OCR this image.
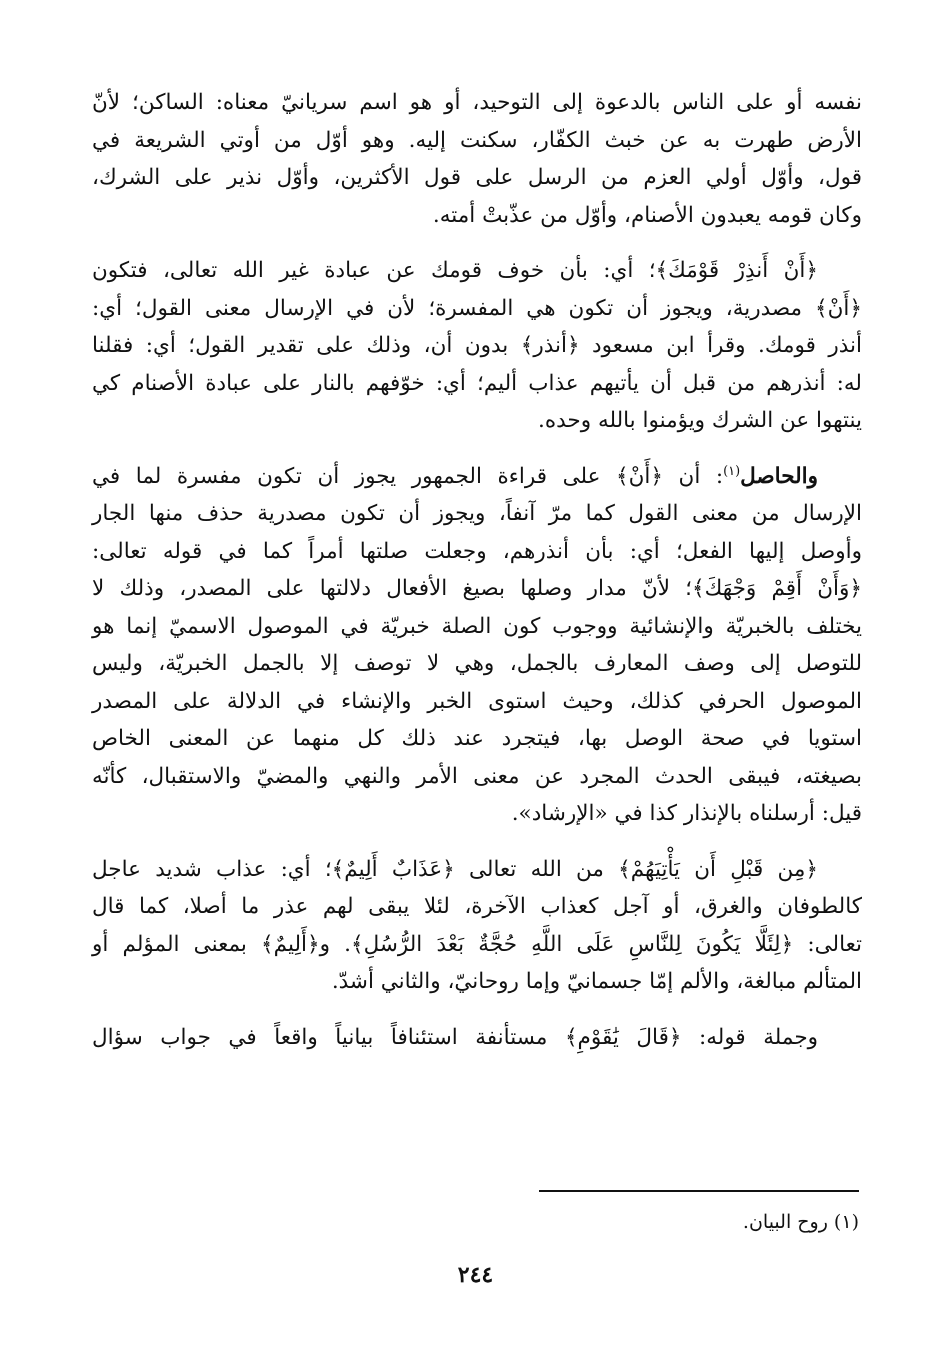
نفسه أو على الناس بالدعوة إلى التوحيد، أو هو اسم سريانيّ معناه: الساكن؛ لأنّ
الأرض طهرت به عن خبث الكفّار، سكنت إليه. وهو أوّل من أوتي الشريعة في
قول، وأوّل أولي العزم من الرسل على قول الأكثرين، وأوّل نذير على الشرك،
وكان قومه يعبدون الأصنام، وأوّل من عذّبتْ أمته.

﴿أَنْ أَنذِرْ قَوْمَكَ﴾؛ أي: بأن خوف قومك عن عبادة غير الله تعالى، فتكون
﴿أَنْ﴾ مصدرية، ويجوز أن تكون هي المفسرة؛ لأن في الإرسال معنى القول؛ أي:
أنذر قومك. وقرأ ابن مسعود ﴿أنذر﴾ بدون أن، وذلك على تقدير القول؛ أي: فقلنا
له: أنذرهم من قبل أن يأتيهم عذاب أليم؛ أي: خوّفهم بالنار على عبادة الأصنام كي
ينتهوا عن الشرك ويؤمنوا بالله وحده.

والحاصل$^{(١)}$: أن ﴿أَنْ﴾ على قراءة الجمهور يجوز أن تكون مفسرة لما في
الإرسال من معنى القول كما مرّ آنفاً، ويجوز أن تكون مصدرية حذف منها الجار
وأوصل إليها الفعل؛ أي: بأن أنذرهم، وجعلت صلتها أمراً كما في قوله تعالى:
﴿وَأَنْ أَقِمْ وَجْهَكَ﴾؛ لأنّ مدار وصلها بصيغ الأفعال دلالتها على المصدر، وذلك لا
يختلف بالخبريّة والإنشائية ووجوب كون الصلة خبريّة في الموصول الاسميّ إنما هو
للتوصل إلى وصف المعارف بالجمل، وهي لا توصف إلا بالجمل الخبريّة، وليس
الموصول الحرفي كذلك، وحيث استوى الخبر والإنشاء في الدلالة على المصدر
استويا في صحة الوصل بها، فيتجرد عند ذلك كل منهما عن المعنى الخاص
بصيغته، فيبقى الحدث المجرد عن معنى الأمر والنهي والمضيّ والاستقبال، كأنّه
قيل: أرسلناه بالإنذار كذا في «الإرشاد».

﴿مِن قَبْلِ أَن يَأْتِيَهُمْ﴾ من الله تعالى ﴿عَذَابٌ أَلِيمٌ﴾؛ أي: عذاب شديد عاجل
كالطوفان والغرق، أو آجل كعذاب الآخرة، لئلا يبقى لهم عذر ما أصلا، كما قال
تعالى: ﴿لِئَلَّا يَكُونَ لِلنَّاسِ عَلَى اللَّهِ حُجَّةٌ بَعْدَ الرُّسُلِ﴾. و﴿أَلِيمٌ﴾ بمعنى المؤلم أو
المتألم مبالغة، والألم إمّا جسمانيّ وإما روحانيّ، والثاني أشدّ.

وجملة قوله: ﴿قَالَ يَٰقَوْمِ﴾ مستأنفة استئنافاً بيانياً واقعاً في جواب سؤال

(١) روح البيان.
٢٤٤
